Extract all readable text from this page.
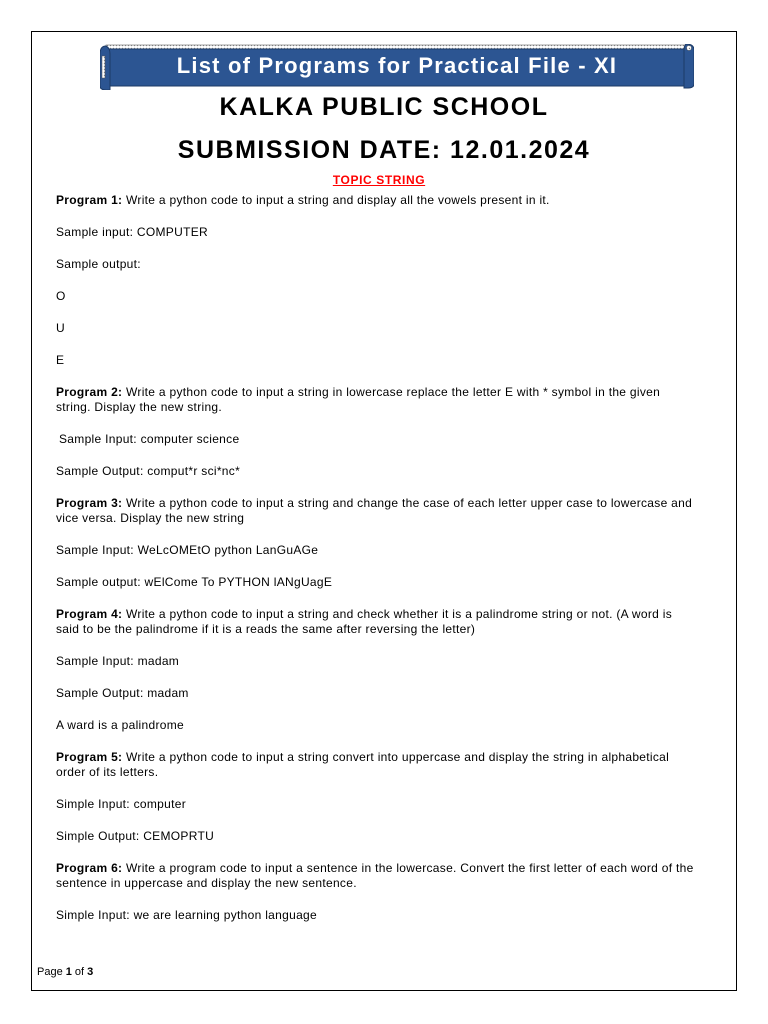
List of Programs for Practical File - XI
KALKA PUBLIC SCHOOL
SUBMISSION DATE: 12.01.2024
TOPIC STRING

Program 1: Write a python code to input a string and display all the vowels present in it.

Sample input: COMPUTER

Sample output:

O

U

E

Program 2: Write a python code to input a string in lowercase replace the letter E with * symbol in the given string. Display the new string.

Sample Input: computer science

Sample Output: comput*r sci*nc*

Program 3: Write a python code to input a string and change the case of each letter upper case to lowercase and vice versa. Display the new string

Sample Input: WeLcOMEtO python LanGuAGe

Sample output: wElCome To PYTHON lANgUagE

Program 4: Write a python code to input a string and check whether it is a palindrome string or not. (A word is said to be the palindrome if it is a reads the same after reversing the letter)

Sample Input: madam

Sample Output: madam

A ward is a palindrome

Program 5: Write a python code to input a string convert into uppercase and display the string in alphabetical order of its letters.

Simple Input: computer

Simple Output: CEMOPRTU

Program 6: Write a program code to input a sentence in the lowercase. Convert the first letter of each word of the sentence in uppercase and display the new sentence.

Simple Input: we are learning python language

Page 1 of 3
